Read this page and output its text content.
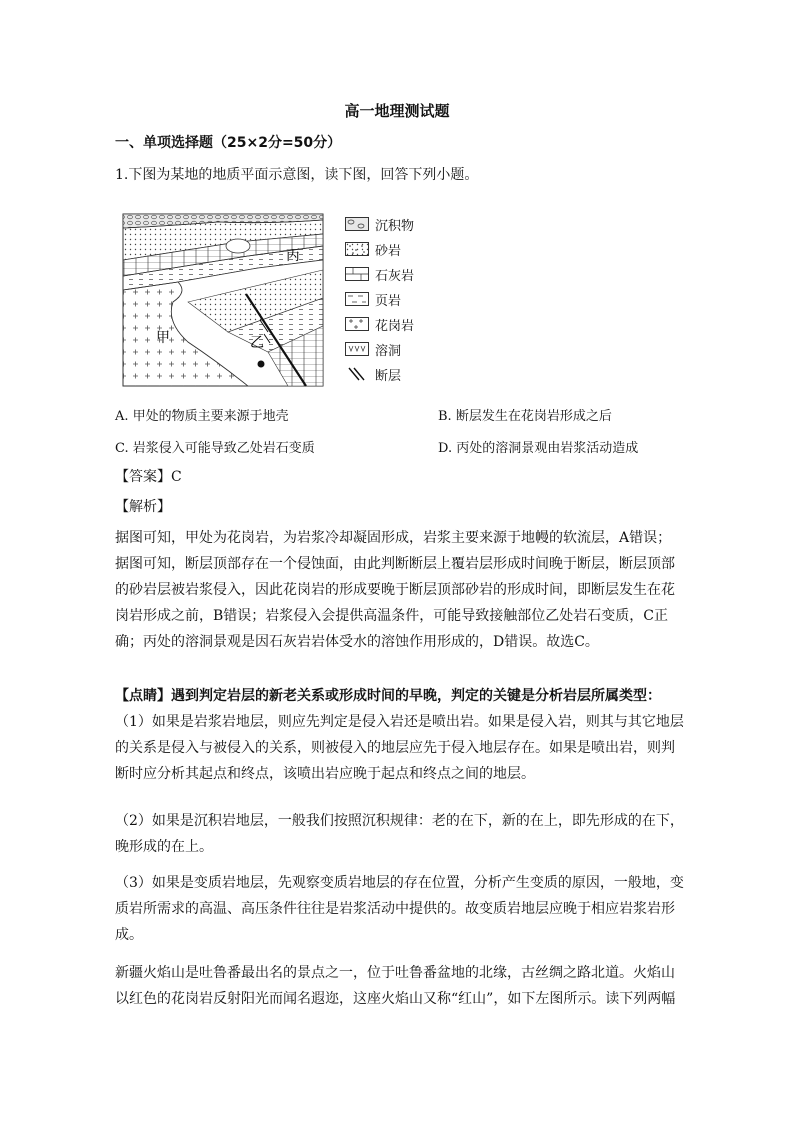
高一地理测试题
一、单项选择题（25×2分=50分）
1.下图为某地的地质平面示意图，读下图，回答下列小题。
甲	乙
丙
沉积物
砂岩
石灰岩
页岩
花岗岩
溶洞
断层
A. 甲处的物质主要来源于地壳	B. 断层发生在花岗岩形成之后
C. 岩浆侵入可能导致乙处岩石变质	D. 丙处的溶洞景观由岩浆活动造成
【答案】C
【解析】
据图可知，甲处为花岗岩，为岩浆冷却凝固形成，岩浆主要来源于地幔的软流层，A错误；据图可知，断层顶部存在一个侵蚀面，由此判断断层上覆岩层形成时间晚于断层，断层顶部的砂岩层被岩浆侵入，因此花岗岩的形成要晚于断层顶部砂岩的形成时间，即断层发生在花岗岩形成之前，B错误；岩浆侵入会提供高温条件，可能导致接触部位乙处岩石变质，C正确；丙处的溶洞景观是因石灰岩岩体受水的溶蚀作用形成的，D错误。故选C。
【点睛】遇到判定岩层的新老关系或形成时间的早晚，判定的关键是分析岩层所属类型：
（1）如果是岩浆岩地层，则应先判定是侵入岩还是喷出岩。如果是侵入岩，则其与其它地层的关系是侵入与被侵入的关系，则被侵入的地层应先于侵入地层存在。如果是喷出岩，则判断时应分析其起点和终点，该喷出岩应晚于起点和终点之间的地层。
（2）如果是沉积岩地层，一般我们按照沉积规律：老的在下，新的在上，即先形成的在下，晚形成的在上。
（3）如果是变质岩地层，先观察变质岩地层的存在位置，分析产生变质的原因，一般地，变质岩所需求的高温、高压条件往往是岩浆活动中提供的。故变质岩地层应晚于相应岩浆岩形成。
新疆火焰山是吐鲁番最出名的景点之一，位于吐鲁番盆地的北缘，古丝绸之路北道。火焰山以红色的花岗岩反射阳光而闻名遐迩，这座火焰山又称“红山”，如下左图所示。读下列两幅
